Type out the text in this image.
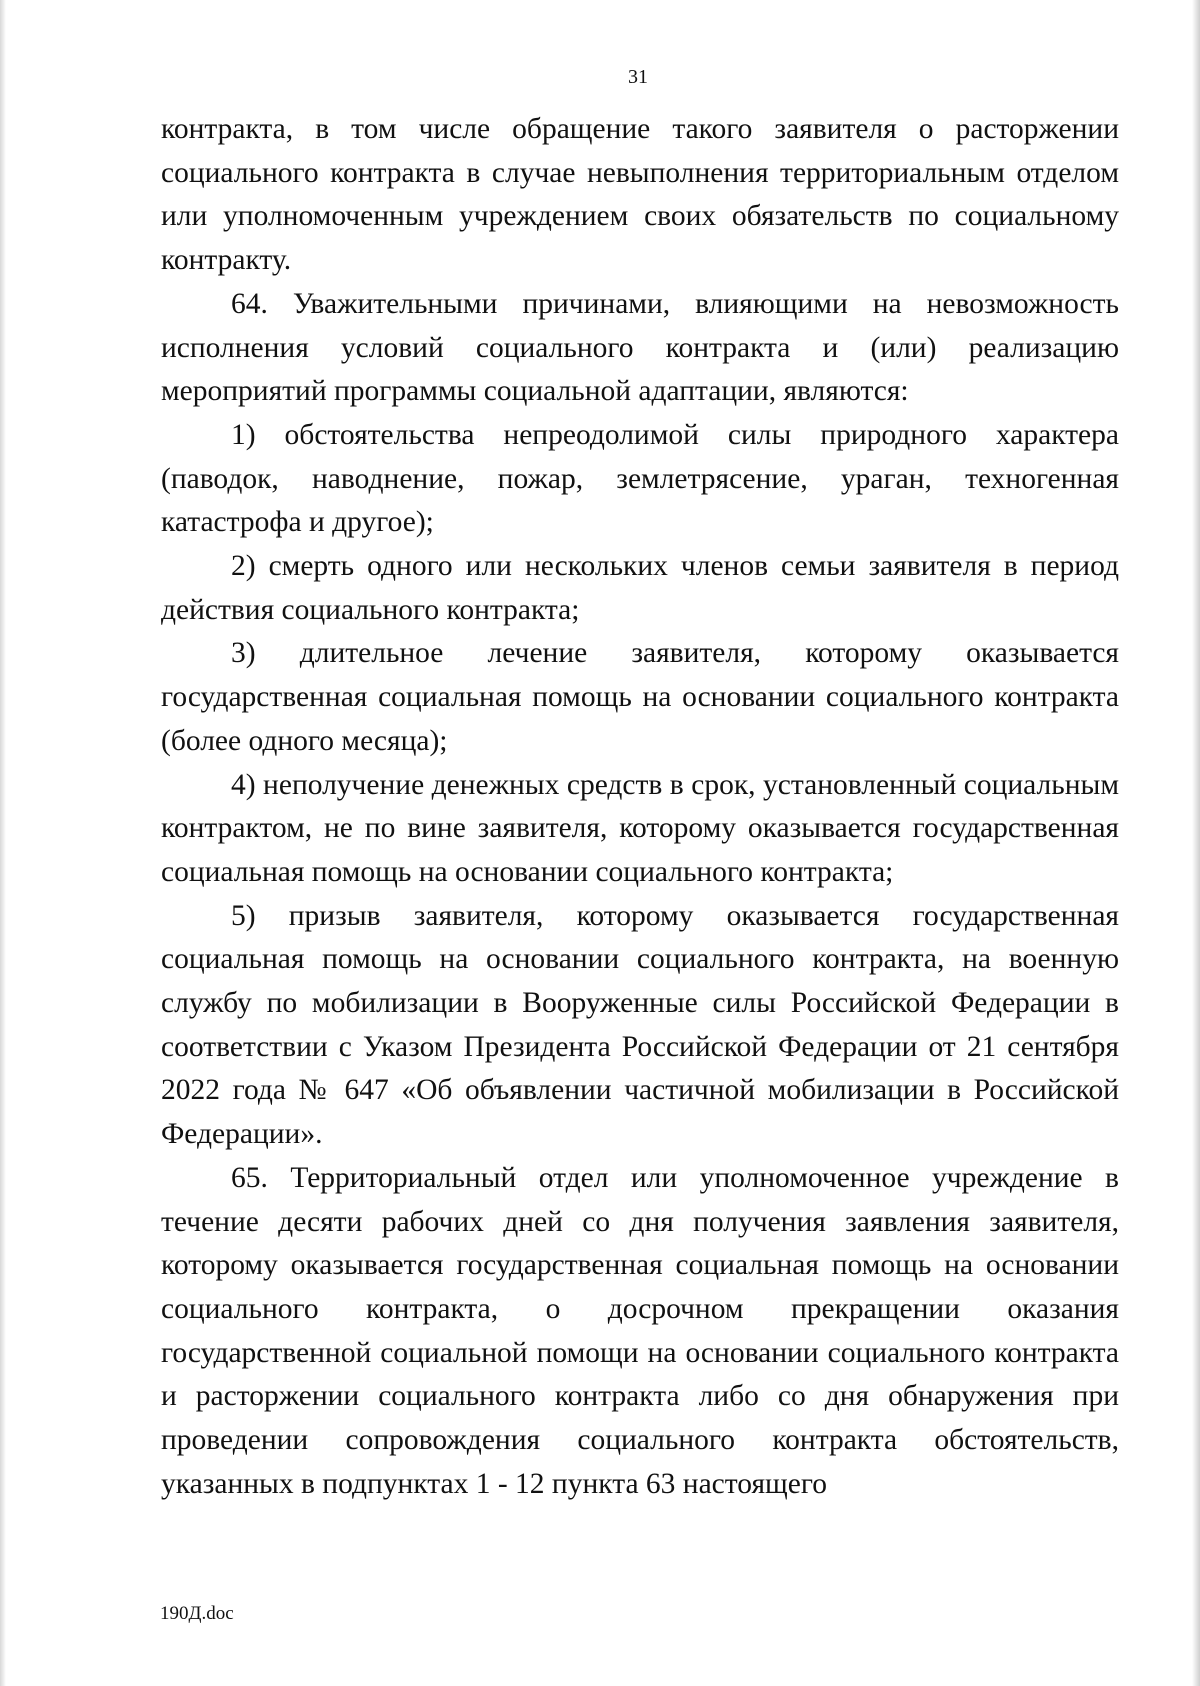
31

контракта, в том числе обращение такого заявителя о расторжении социального контракта в случае невыполнения территориальным отделом или уполномоченным учреждением своих обязательств по социальному контракту.

64. Уважительными причинами, влияющими на невозможность исполнения условий социального контракта и (или) реализацию мероприятий программы социальной адаптации, являются:

1) обстоятельства непреодолимой силы природного характера (паводок, наводнение, пожар, землетрясение, ураган, техногенная катастрофа и другое);

2) смерть одного или нескольких членов семьи заявителя в период действия социального контракта;

3) длительное лечение заявителя, которому оказывается государственная социальная помощь на основании социального контракта (более одного месяца);

4) неполучение денежных средств в срок, установленный социальным контрактом, не по вине заявителя, которому оказывается государственная социальная помощь на основании социального контракта;

5) призыв заявителя, которому оказывается государственная социальная помощь на основании социального контракта, на военную службу по мобилизации в Вооруженные силы Российской Федерации в соответствии с Указом Президента Российской Федерации от 21 сентября 2022 года № 647 «Об объявлении частичной мобилизации в Российской Федерации».

65. Территориальный отдел или уполномоченное учреждение в течение десяти рабочих дней со дня получения заявления заявителя, которому оказывается государственная социальная помощь на основании социального контракта, о досрочном прекращении оказания государственной социальной помощи на основании социального контракта и расторжении социального контракта либо со дня обнаружения при проведении сопровождения социального контракта обстоятельств, указанных в подпунктах 1 - 12 пункта 63 настоящего

190Д.doc
